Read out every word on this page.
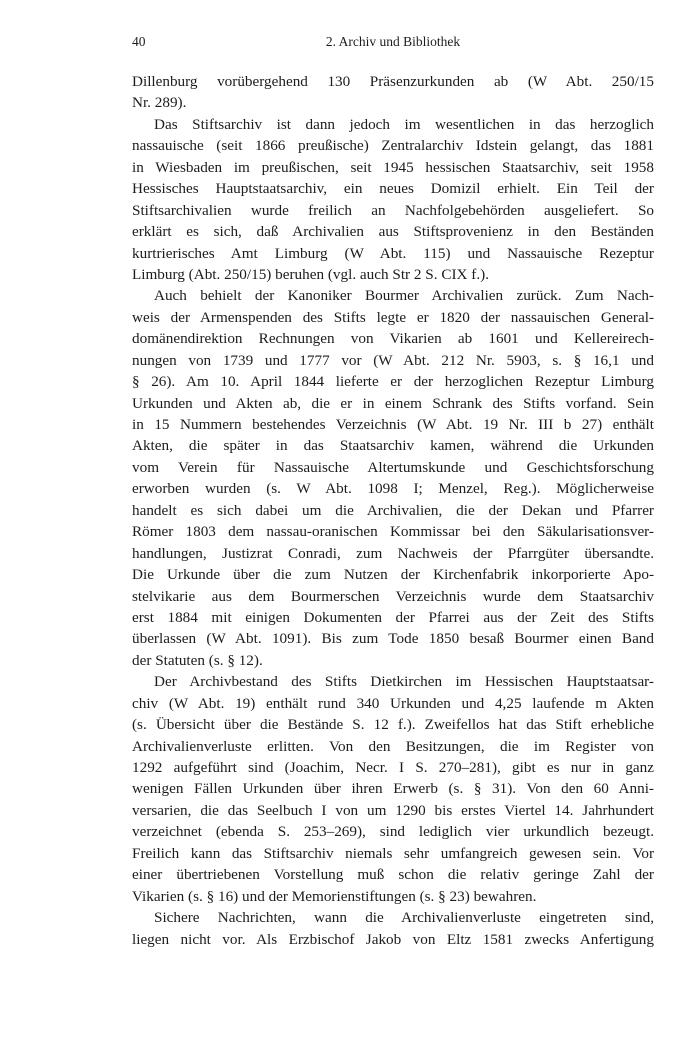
40	2. Archiv und Bibliothek
Dillenburg vorübergehend 130 Präsenzurkunden ab (W Abt. 250/15
Nr. 289).
Das Stiftsarchiv ist dann jedoch im wesentlichen in das herzoglich
nassauische (seit 1866 preußische) Zentralarchiv Idstein gelangt, das 1881
in Wiesbaden im preußischen, seit 1945 hessischen Staatsarchiv, seit 1958
Hessisches Hauptstaatsarchiv, ein neues Domizil erhielt. Ein Teil der
Stiftsarchivalien wurde freilich an Nachfolgebehörden ausgeliefert. So
erklärt es sich, daß Archivalien aus Stiftsprovenienz in den Beständen
kurtrierisches Amt Limburg (W Abt. 115) und Nassauische Rezeptur
Limburg (Abt. 250/15) beruhen (vgl. auch Str 2 S. CIX f.).
Auch behielt der Kanoniker Bourmer Archivalien zurück. Zum Nach-
weis der Armenspenden des Stifts legte er 1820 der nassauischen General-
domänendirektion Rechnungen von Vikarien ab 1601 und Kellereirech-
nungen von 1739 und 1777 vor (W Abt. 212 Nr. 5903, s. § 16,1 und
§ 26). Am 10. April 1844 lieferte er der herzoglichen Rezeptur Limburg
Urkunden und Akten ab, die er in einem Schrank des Stifts vorfand. Sein
in 15 Nummern bestehendes Verzeichnis (W Abt. 19 Nr. III b 27) enthält
Akten, die später in das Staatsarchiv kamen, während die Urkunden
vom Verein für Nassauische Altertumskunde und Geschichtsforschung
erworben wurden (s. W Abt. 1098 I; Menzel, Reg.). Möglicherweise
handelt es sich dabei um die Archivalien, die der Dekan und Pfarrer
Römer 1803 dem nassau-oranischen Kommissar bei den Säkularisationsver-
handlungen, Justizrat Conradi, zum Nachweis der Pfarrgüter übersandte.
Die Urkunde über die zum Nutzen der Kirchenfabrik inkorporierte Apo-
stelvikarie aus dem Bourmerschen Verzeichnis wurde dem Staatsarchiv
erst 1884 mit einigen Dokumenten der Pfarrei aus der Zeit des Stifts
überlassen (W Abt. 1091). Bis zum Tode 1850 besaß Bourmer einen Band
der Statuten (s. § 12).
Der Archivbestand des Stifts Dietkirchen im Hessischen Hauptstaatsar-
chiv (W Abt. 19) enthält rund 340 Urkunden und 4,25 laufende m Akten
(s. Übersicht über die Bestände S. 12 f.). Zweifellos hat das Stift erhebliche
Archivalienverluste erlitten. Von den Besitzungen, die im Register von
1292 aufgeführt sind (Joachim, Necr. I S. 270–281), gibt es nur in ganz
wenigen Fällen Urkunden über ihren Erwerb (s. § 31). Von den 60 Anni-
versarien, die das Seelbuch I von um 1290 bis erstes Viertel 14. Jahrhundert
verzeichnet (ebenda S. 253–269), sind lediglich vier urkundlich bezeugt.
Freilich kann das Stiftsarchiv niemals sehr umfangreich gewesen sein. Vor
einer übertriebenen Vorstellung muß schon die relativ geringe Zahl der
Vikarien (s. § 16) und der Memorienstiftungen (s. § 23) bewahren.
Sichere Nachrichten, wann die Archivalienverluste eingetreten sind,
liegen nicht vor. Als Erzbischof Jakob von Eltz 1581 zwecks Anfertigung
